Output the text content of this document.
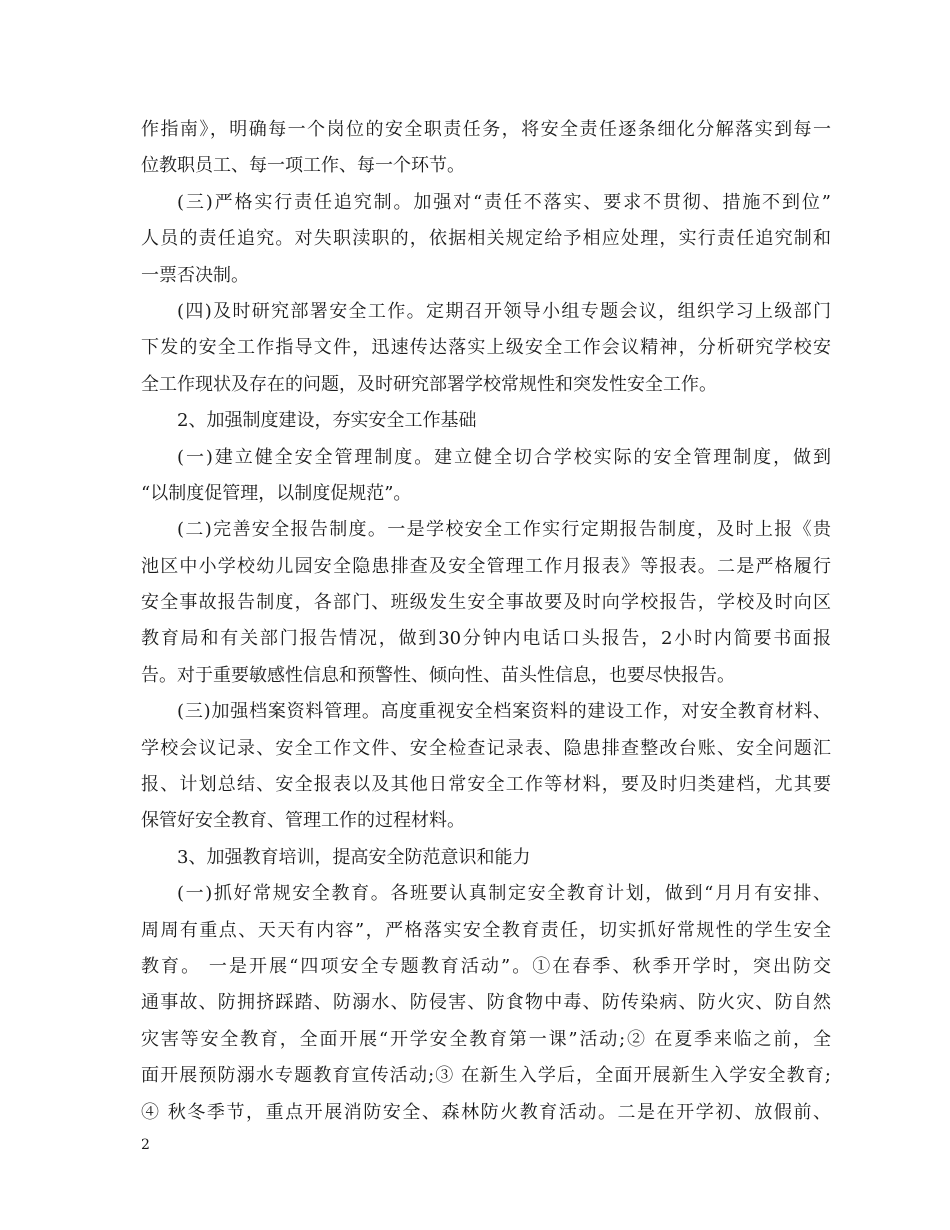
作指南》，明确每一个岗位的安全职责任务，将安全责任逐条细化分解落实到每一
位教职员工、每一项工作、每一个环节。
(三)严格实行责任追究制。加强对“责任不落实、要求不贯彻、措施不到位”
人员的责任追究。对失职渎职的，依据相关规定给予相应处理，实行责任追究制和
一票否决制。
(四)及时研究部署安全工作。定期召开领导小组专题会议，组织学习上级部门
下发的安全工作指导文件，迅速传达落实上级安全工作会议精神，分析研究学校安
全工作现状及存在的问题，及时研究部署学校常规性和突发性安全工作。
2、加强制度建设，夯实安全工作基础
(一)建立健全安全管理制度。建立健全切合学校实际的安全管理制度，做到
“以制度促管理，以制度促规范”。
(二)完善安全报告制度。一是学校安全工作实行定期报告制度，及时上报《贵
池区中小学校幼儿园安全隐患排查及安全管理工作月报表》等报表。二是严格履行
安全事故报告制度，各部门、班级发生安全事故要及时向学校报告，学校及时向区
教育局和有关部门报告情况，做到30分钟内电话口头报告，2小时内简要书面报
告。对于重要敏感性信息和预警性、倾向性、苗头性信息，也要尽快报告。
(三)加强档案资料管理。高度重视安全档案资料的建设工作，对安全教育材料、
学校会议记录、安全工作文件、安全检查记录表、隐患排查整改台账、安全问题汇
报、计划总结、安全报表以及其他日常安全工作等材料，要及时归类建档，尤其要
保管好安全教育、管理工作的过程材料。
3、加强教育培训，提高安全防范意识和能力
(一)抓好常规安全教育。各班要认真制定安全教育计划，做到“月月有安排、
周周有重点、天天有内容”，严格落实安全教育责任，切实抓好常规性的学生安全
教育。 一是开展“四项安全专题教育活动”。①在春季、秋季开学时，突出防交
通事故、防拥挤踩踏、防溺水、防侵害、防食物中毒、防传染病、防火灾、防自然
灾害等安全教育，全面开展“开学安全教育第一课”活动;② 在夏季来临之前，全
面开展预防溺水专题教育宣传活动;③ 在新生入学后，全面开展新生入学安全教育;
④ 秋冬季节，重点开展消防安全、森林防火教育活动。二是在开学初、放假前、
2
